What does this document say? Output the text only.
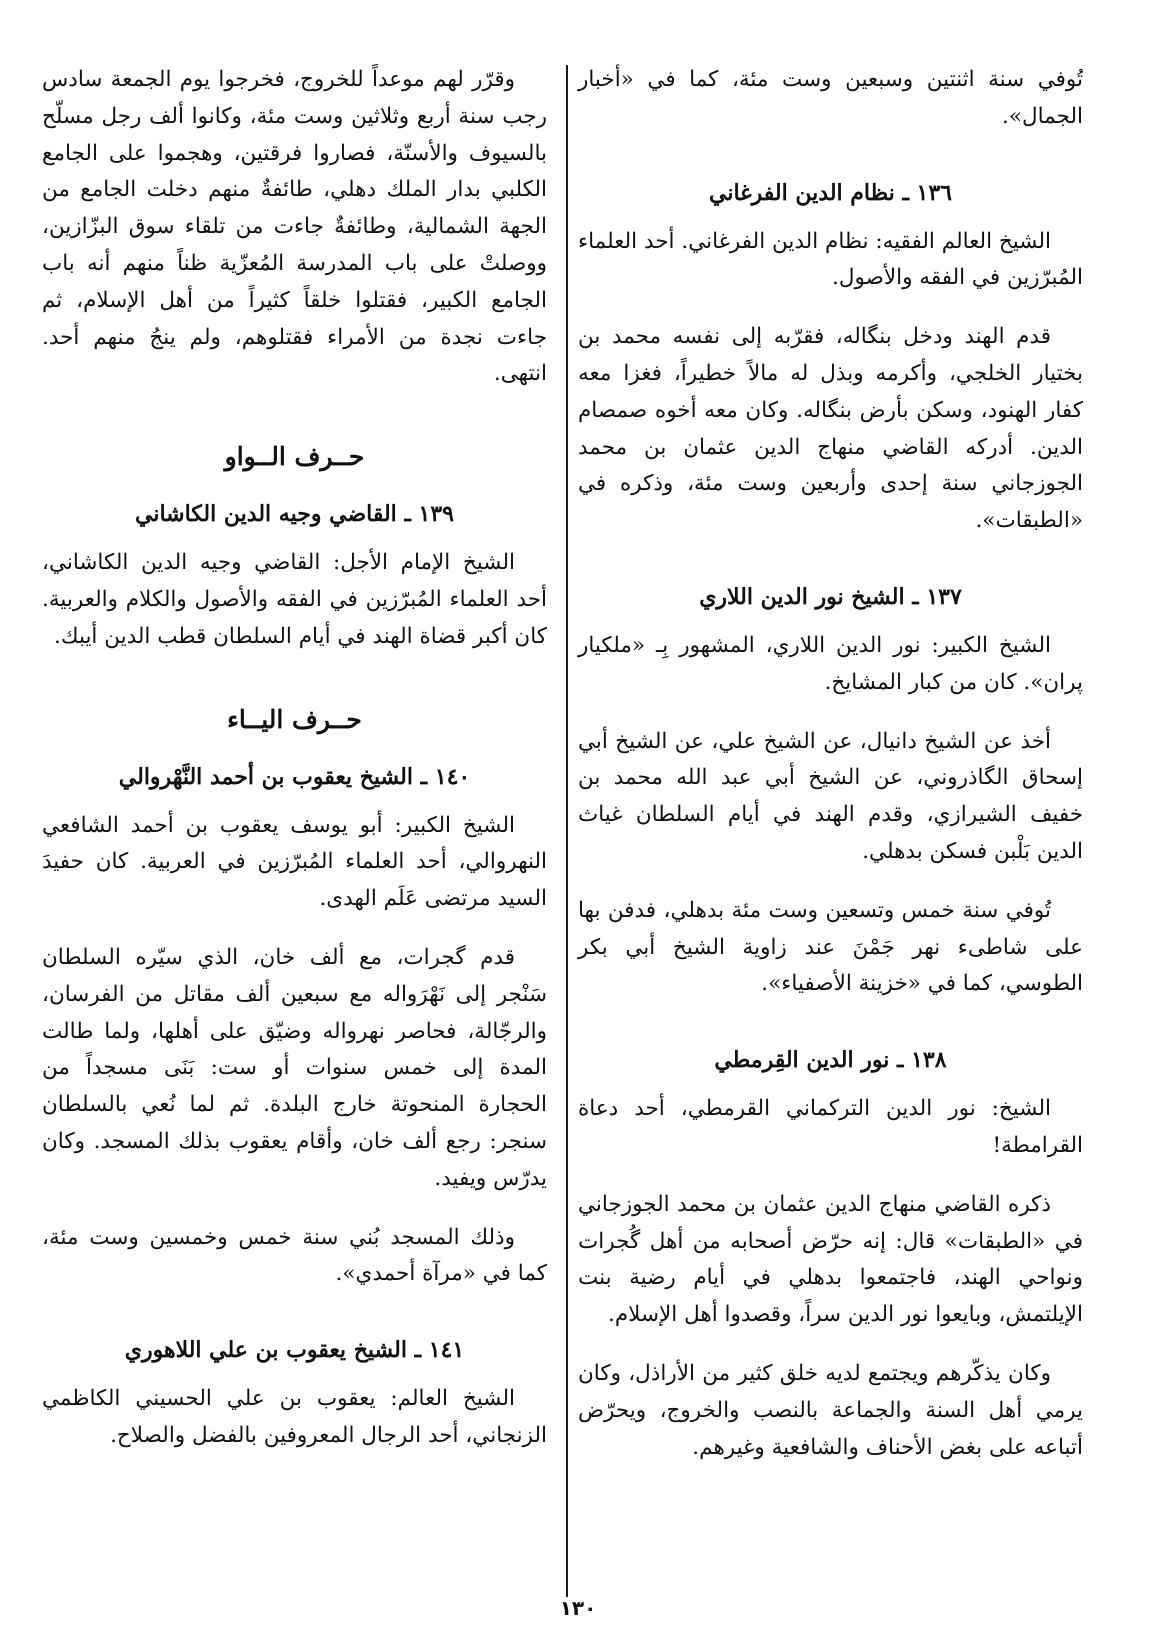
تُوفي سنة اثنتين وسبعين وست مئة، كما في «أخبار الجمال».

١٣٦ ـ نظام الدين الفرغاني

الشيخ العالم الفقيه: نظام الدين الفرغاني. أحد العلماء المُبرّزين في الفقه والأصول.

قدم الهند ودخل بنگاله، فقرّبه إلى نفسه محمد بن بختيار الخلجي، وأكرمه وبذل له مالاً خطيراً، فغزا معه كفار الهنود، وسكن بأرض بنگاله. وكان معه أخوه صمصام الدين. أدركه القاضي منهاج الدين عثمان بن محمد الجوزجاني سنة إحدى وأربعين وست مئة، وذكره في «الطبقات».

١٣٧ ـ الشيخ نور الدين اللاري

الشيخ الكبير: نور الدين اللاري، المشهور بِـ «ملكيار پران». كان من كبار المشايخ.

أخذ عن الشيخ دانيال، عن الشيخ علي، عن الشيخ أبي إسحاق الگاذروني، عن الشيخ أبي عبد الله محمد بن خفيف الشيرازي، وقدم الهند في أيام السلطان غياث الدين بَلْبن فسكن بدهلي.

تُوفي سنة خمس وتسعين وست مئة بدهلي، فدفن بها على شاطىء نهر جَمْنَ عند زاوية الشيخ أبي بكر الطوسي، كما في «خزينة الأصفياء».

١٣٨ ـ نور الدين القِرمطي

الشيخ: نور الدين التركماني القرمطي، أحد دعاة القرامطة!

ذكره القاضي منهاج الدين عثمان بن محمد الجوزجاني في «الطبقات» قال: إنه حرّض أصحابه من أهل گُجرات ونواحي الهند، فاجتمعوا بدهلي في أيام رضية بنت الإيلتمش، وبايعوا نور الدين سراً، وقصدوا أهل الإسلام.

وكان يذكّرهم ويجتمع لديه خلق كثير من الأراذل، وكان يرمي أهل السنة والجماعة بالنصب والخروج، ويحرّض أتباعه على بغض الأحناف والشافعية وغيرهم.

وقرّر لهم موعداً للخروج، فخرجوا يوم الجمعة سادس رجب سنة أربع وثلاثين وست مئة، وكانوا ألف رجل مسلّح بالسيوف والأسنّة، فصاروا فرقتين، وهجموا على الجامع الكلبي بدار الملك دهلي، طائفةٌ منهم دخلت الجامع من الجهة الشمالية، وطائفةٌ جاءت من تلقاء سوق البزّازين، ووصلتْ على باب المدرسة المُعزّية ظناً منهم أنه باب الجامع الكبير، فقتلوا خلقاً كثيراً من أهل الإسلام، ثم جاءت نجدة من الأمراء فقتلوهم، ولم ينجُ منهم أحد. انتهى.

حــرف الــواو
١٣٩ ـ القاضي وجيه الدين الكاشاني

الشيخ الإمام الأجل: القاضي وجيه الدين الكاشاني، أحد العلماء المُبرّزين في الفقه والأصول والكلام والعربية. كان أكبر قضاة الهند في أيام السلطان قطب الدين أيبك.

حــرف اليــاء
١٤٠ ـ الشيخ يعقوب بن أحمد النَّهْروالي

الشيخ الكبير: أبو يوسف يعقوب بن أحمد الشافعي النهروالي، أحد العلماء المُبرّزين في العربية. كان حفيدَ السيد مرتضى عَلَم الهدى.

قدم گجرات، مع ألف خان، الذي سيّره السلطان سَنْجر إلى نَهْرَواله مع سبعين ألف مقاتل من الفرسان، والرجّالة، فحاصر نهرواله وضيّق على أهلها، ولما طالت المدة إلى خمس سنوات أو ست: بَنَى مسجداً من الحجارة المنحوتة خارج البلدة. ثم لما نُعي بالسلطان سنجر: رجع ألف خان، وأقام يعقوب بذلك المسجد. وكان يدرّس ويفيد.

وذلك المسجد بُني سنة خمس وخمسين وست مئة، كما في «مرآة أحمدي».

١٤١ ـ الشيخ يعقوب بن علي اللاهوري

الشيخ العالم: يعقوب بن علي الحسيني الكاظمي الزنجاني، أحد الرجال المعروفين بالفضل والصلاح.

١٣٠
